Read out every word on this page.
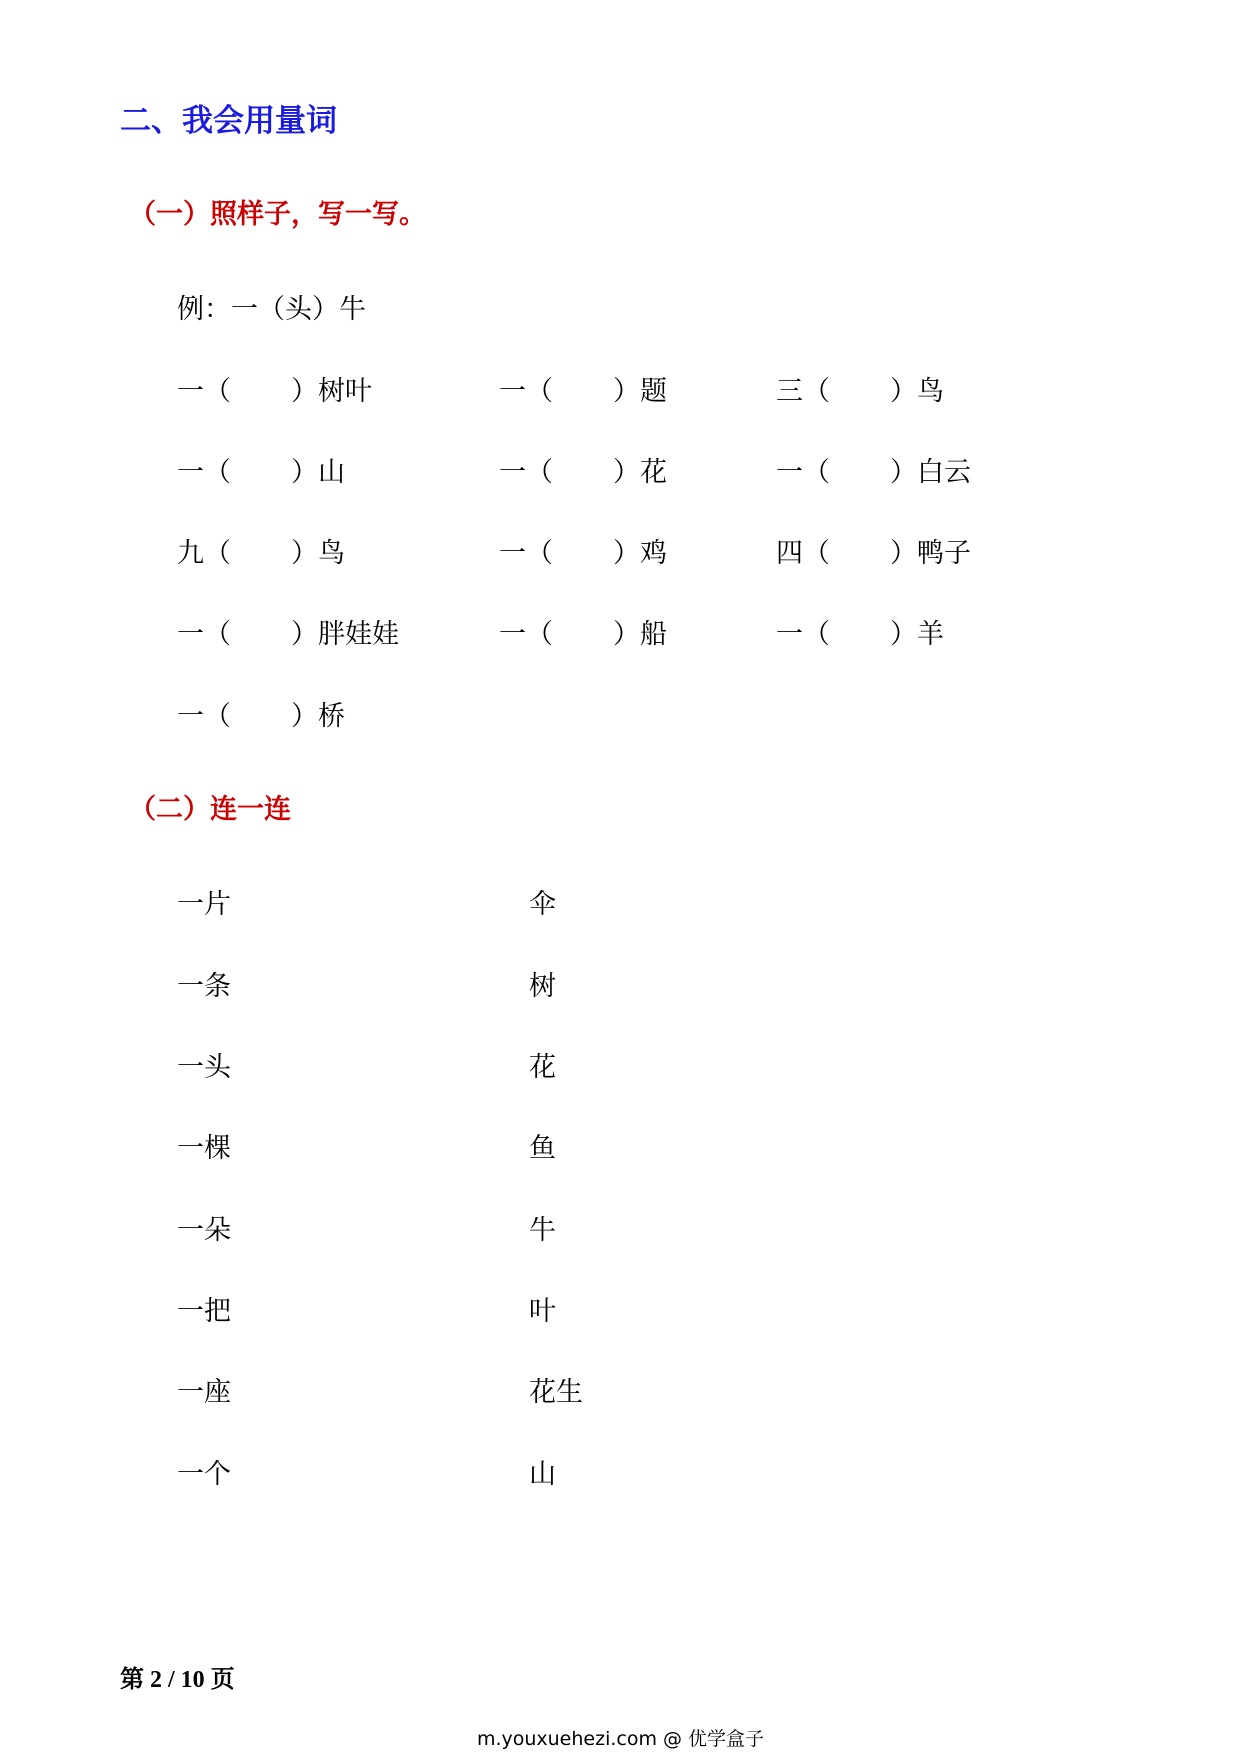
二、我会用量词
（一）照样子，写一写。
例：一（头）牛
一（ ）树叶	一（ ）题	三（ ）鸟
一（ ）山	一（ ）花	一（ ）白云
九（ ）鸟	一（ ）鸡	四（ ）鸭子
一（ ）胖娃娃	一（ ）船	一（ ）羊
一（ ）桥
（二）连一连
一片	伞
一条	树
一头	花
一棵	鱼
一朵	牛
一把	叶
一座	花生
一个	山
第 2 / 10 页
m.youxuehezi.com @ 优学盒子
